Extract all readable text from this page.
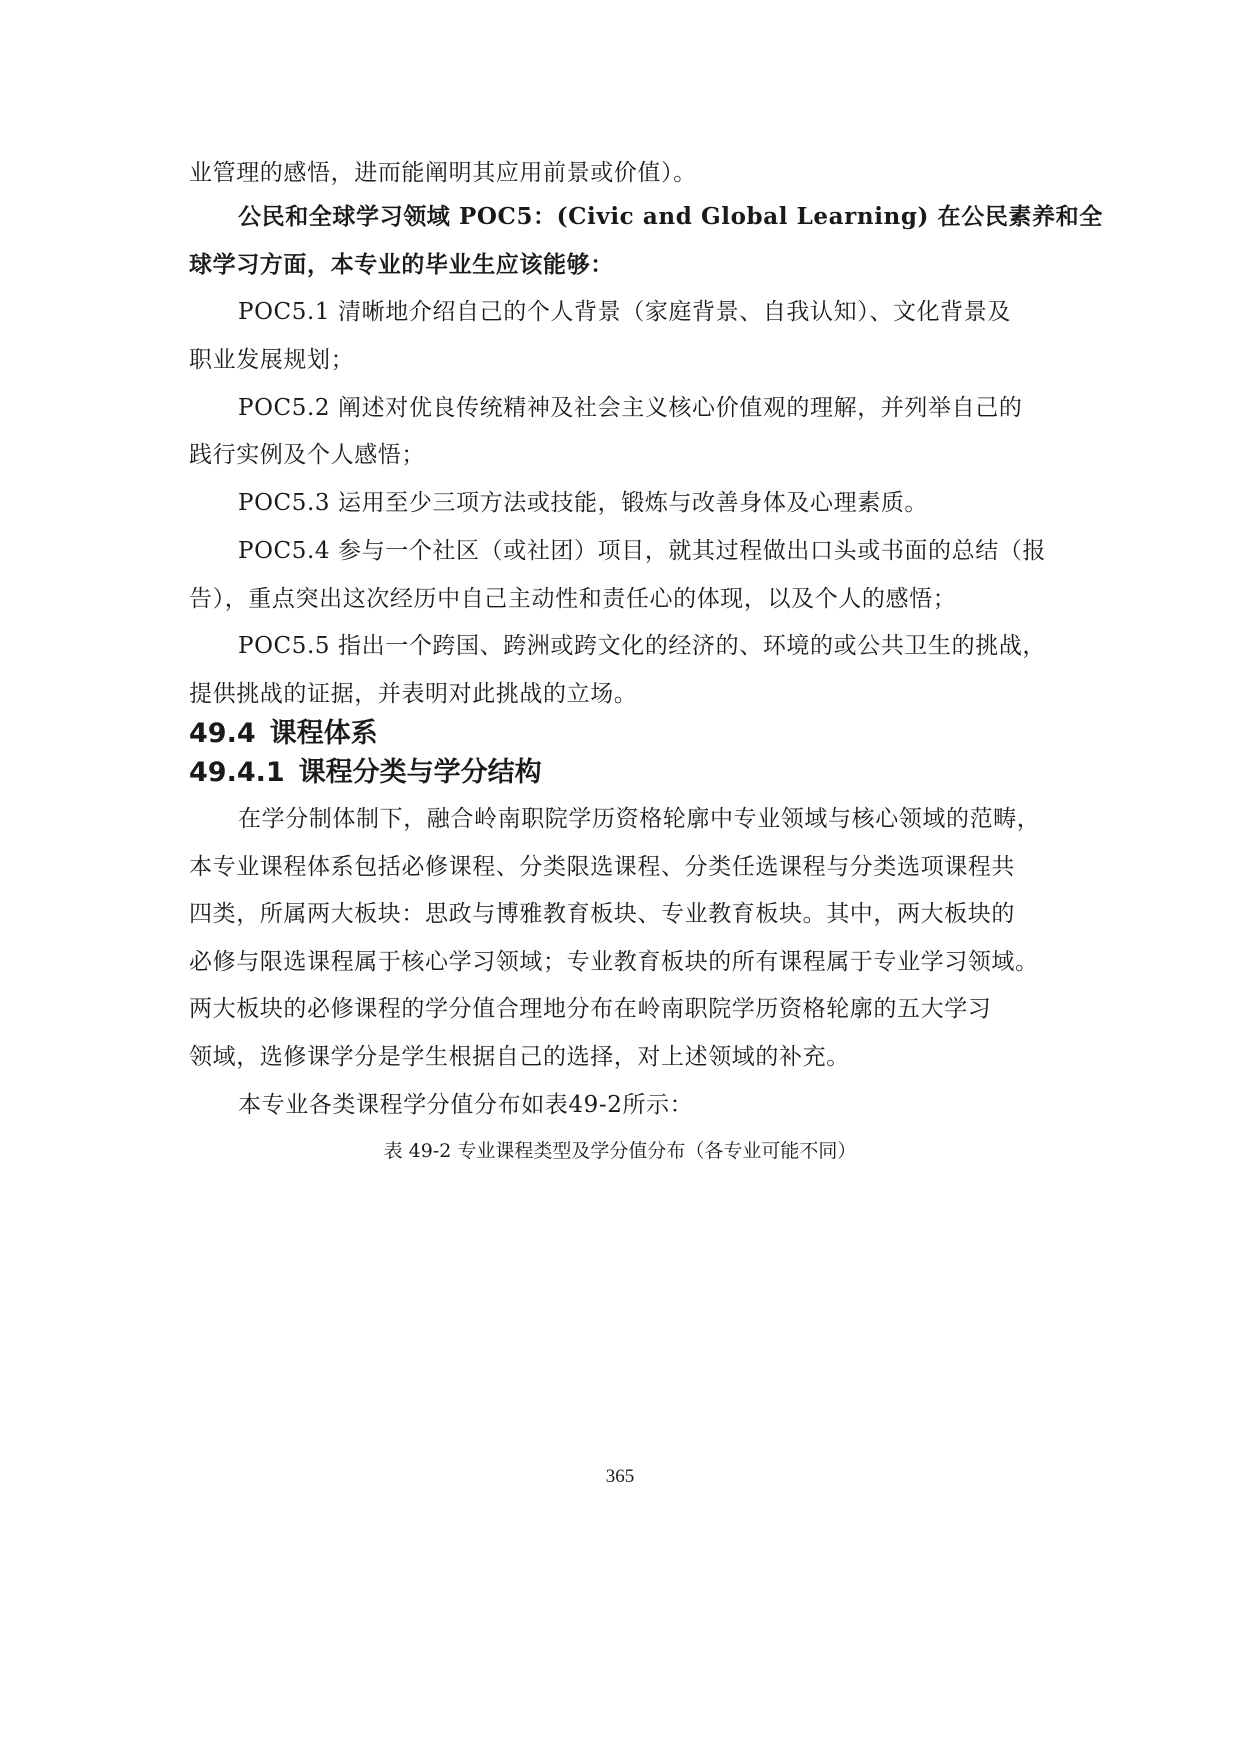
业管理的感悟，进而能阐明其应用前景或价值）。
公民和全球学习领域 POC5：(Civic and Global Learning) 在公民素养和全
球学习方面，本专业的毕业生应该能够：
POC5.1 清晰地介绍自己的个人背景（家庭背景、自我认知）、文化背景及
职业发展规划；
POC5.2 阐述对优良传统精神及社会主义核心价值观的理解，并列举自己的
践行实例及个人感悟；
POC5.3 运用至少三项方法或技能，锻炼与改善身体及心理素质。
POC5.4 参与一个社区（或社团）项目，就其过程做出口头或书面的总结（报
告），重点突出这次经历中自己主动性和责任心的体现，以及个人的感悟；
POC5.5 指出一个跨国、跨洲或跨文化的经济的、环境的或公共卫生的挑战，
提供挑战的证据，并表明对此挑战的立场。
49.4 课程体系
49.4.1 课程分类与学分结构
在学分制体制下，融合岭南职院学历资格轮廓中专业领域与核心领域的范畴，
本专业课程体系包括必修课程、分类限选课程、分类任选课程与分类选项课程共
四类，所属两大板块：思政与博雅教育板块、专业教育板块。其中，两大板块的
必修与限选课程属于核心学习领域；专业教育板块的所有课程属于专业学习领域。
两大板块的必修课程的学分值合理地分布在岭南职院学历资格轮廓的五大学习
领域，选修课学分是学生根据自己的选择，对上述领域的补充。
本专业各类课程学分值分布如表49-2所示：
表 49-2 专业课程类型及学分值分布（各专业可能不同）
365
